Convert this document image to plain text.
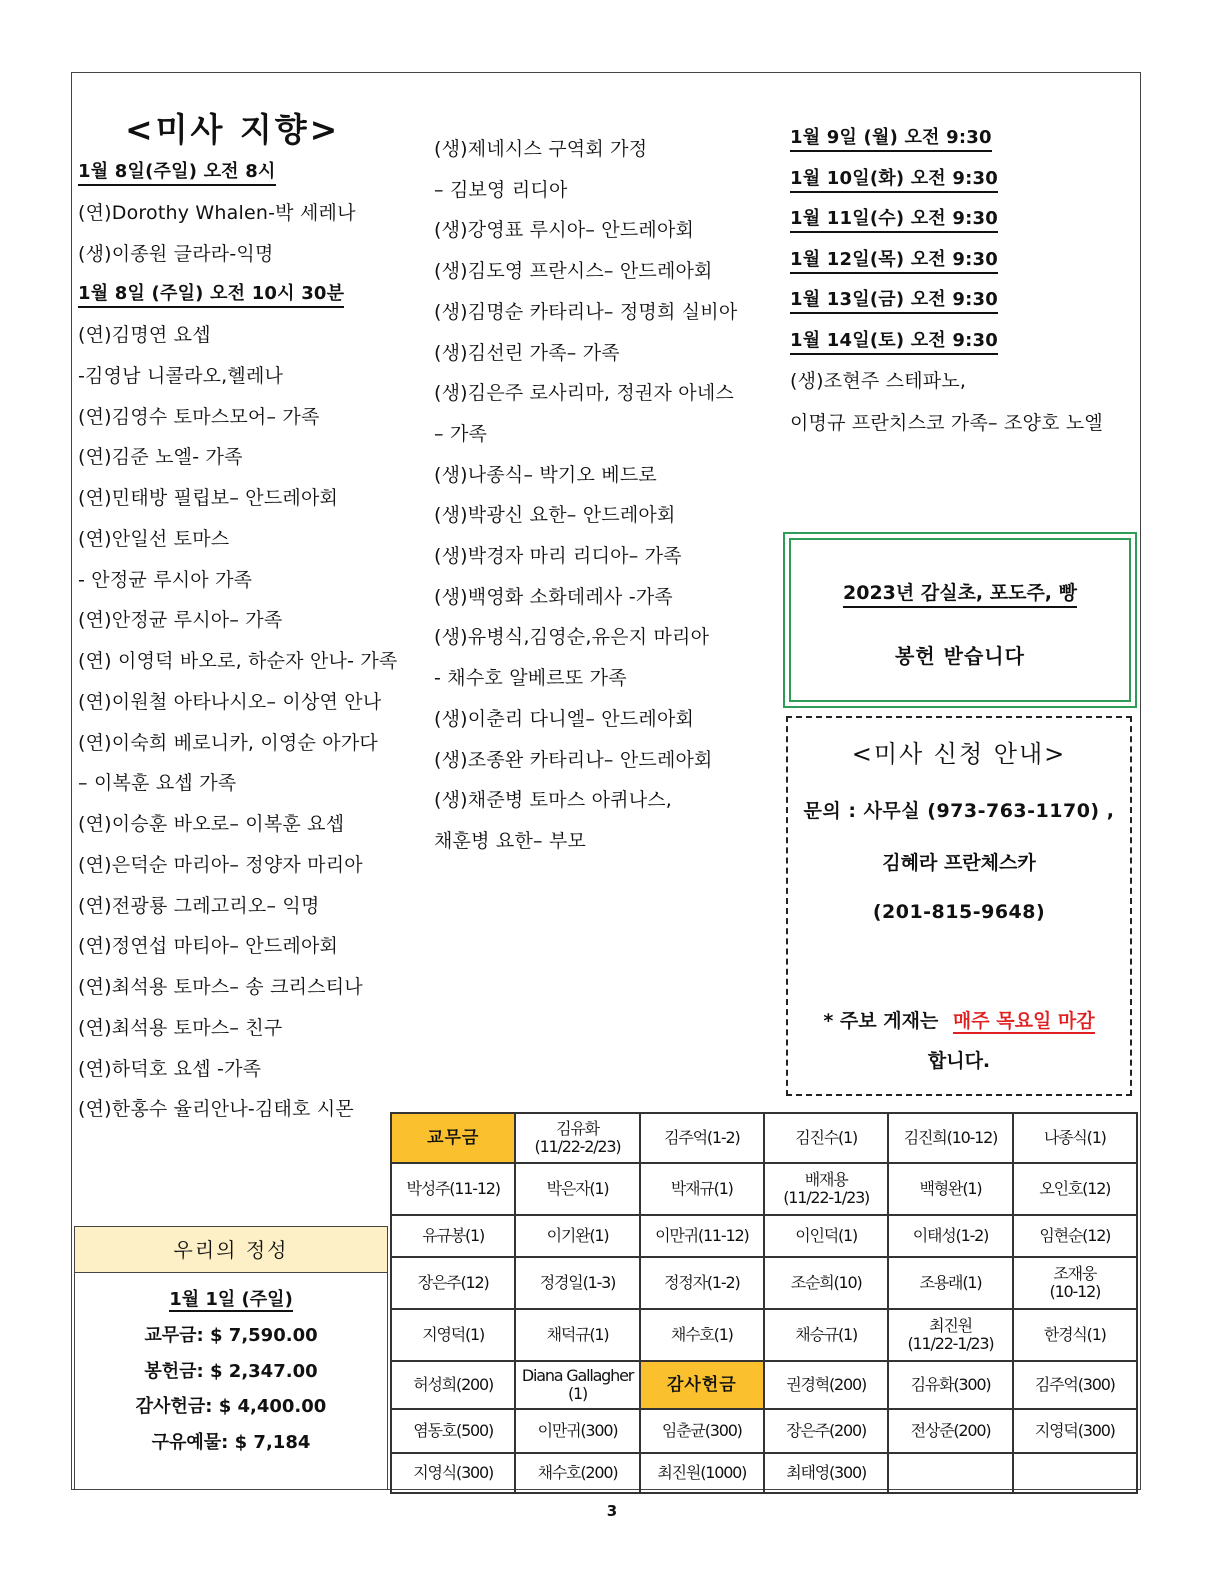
<미사 지향>
1월 8일(주일) 오전 8시
(연)Dorothy Whalen-박 세레나
(생)이종원 글라라-익명
1월 8일 (주일) 오전 10시 30분
(연)김명연 요셉
-김영남 니콜라오,헬레나
(연)김영수 토마스모어– 가족
(연)김준 노엘- 가족
(연)민태방 필립보– 안드레아회
(연)안일선 토마스
- 안정균 루시아 가족
(연)안정균 루시아– 가족
(연) 이영덕 바오로, 하순자 안나- 가족
(연)이원철 아타나시오– 이상연 안나
(연)이숙희 베로니카, 이영순 아가다
– 이복훈 요셉 가족
(연)이승훈 바오로– 이복훈 요셉
(연)은덕순 마리아– 정양자 마리아
(연)전광룡 그레고리오– 익명
(연)정연섭 마티아– 안드레아회
(연)최석용 토마스– 송 크리스티나
(연)최석용 토마스– 친구
(연)하덕호 요셉 -가족
(연)한홍수 율리안나-김태호 시몬
(생)제네시스 구역회 가정
– 김보영 리디아
(생)강영표 루시아– 안드레아회
(생)김도영 프란시스– 안드레아회
(생)김명순 카타리나– 정명희 실비아
(생)김선린 가족– 가족
(생)김은주 로사리마, 정권자 아네스
– 가족
(생)나종식– 박기오 베드로
(생)박광신 요한– 안드레아회
(생)박경자 마리 리디아– 가족
(생)백영화 소화데레사 -가족
(생)유병식,김영순,유은지 마리아
- 채수호 알베르또 가족
(생)이춘리 다니엘– 안드레아회
(생)조종완 카타리나– 안드레아회
(생)채준병 토마스 아퀴나스,
채훈병 요한– 부모
1월 9일 (월) 오전 9:30
1월 10일(화) 오전 9:30
1월 11일(수) 오전 9:30
1월 12일(목) 오전 9:30
1월 13일(금) 오전 9:30
1월 14일(토) 오전 9:30
(생)조현주 스테파노,
이명규 프란치스코 가족– 조양호 노엘
2023년 감실초, 포도주, 빵
봉헌 받습니다
<미사 신청 안내>
문의 : 사무실 (973-763-1170) ,
김혜라 프란체스카
(201-815-9648)
* 주보 게재는 매주 목요일 마감
합니다.
우리의 정성
1월 1일 (주일)
교무금: $ 7,590.00
봉헌금: $ 2,347.00
감사헌금: $ 4,400.00
구유예물: $ 7,184
교무금	김유화
(11/22-2/23)	김주억(1-2)	김진수(1)	김진희(10-12)	나종식(1)

박성주(11-12)	박은자(1)	박재규(1)	배재용
(11/22-1/23)	백형완(1)	오인호(12)

유규봉(1)	이기완(1)	이만귀(11-12)	이인덕(1)	이태성(1-2)	임현순(12)

장은주(12)	정경일(1-3)	정정자(1-2)	조순희(10)	조용래(1)	조재웅
(10-12)

지영덕(1)	채덕규(1)	채수호(1)	채승규(1)	최진원
(11/22-1/23)	한경식(1)

허성희(200)	Diana Gallagher
(1)	감사헌금	권경혁(200)	김유화(300)	김주억(300)

염동호(500)	이만귀(300)	임춘균(300)	장은주(200)	전상준(200)	지영덕(300)

지영식(300)	채수호(200)	최진원(1000)	최태영(300)		

3
